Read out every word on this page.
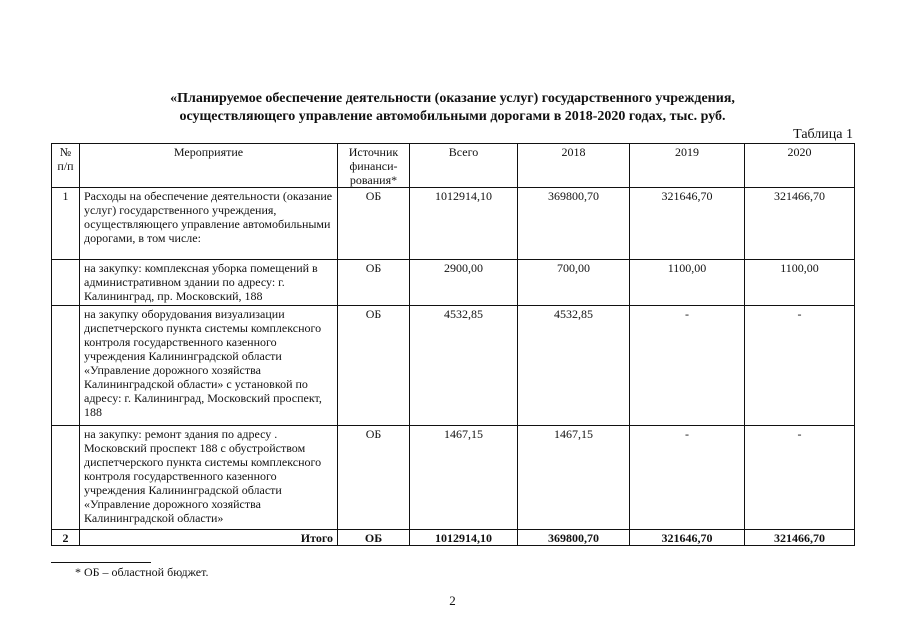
«Планируемое обеспечение деятельности (оказание услуг) государственного учреждения,
осуществляющего управление автомобильными дорогами в 2018-2020 годах, тыс. руб.
Таблица 1
№ п/п	Мероприятие	Источник финанси-рования*	Всего	2018	2019	2020
1	Расходы на обеспечение деятельности (оказание услуг) государственного учреждения, осуществляющего управление автомобильными дорогами, в том числе:	ОБ	1012914,10	369800,70	321646,70	321466,70
	на закупку: комплексная уборка помещений в административном здании по адресу: г. Калининград, пр. Московский, 188	ОБ	2900,00	700,00	1100,00	1100,00
	на закупку оборудования визуализации диспетчерского пункта системы комплексного контроля государственного казенного учреждения Калининградской области «Управление дорожного хозяйства Калининградской области» с установкой по адресу: г. Калининград, Московский проспект, 188	ОБ	4532,85	4532,85	-	-
	на закупку: ремонт здания по адресу . Московский проспект 188 с обустройством диспетчерского пункта системы комплексного контроля государственного казенного учреждения Калининградской области «Управление дорожного хозяйства Калининградской области»	ОБ	1467,15	1467,15	-	-
2	Итого	ОБ	1012914,10	369800,70	321646,70	321466,70
* ОБ – областной бюджет.
2
